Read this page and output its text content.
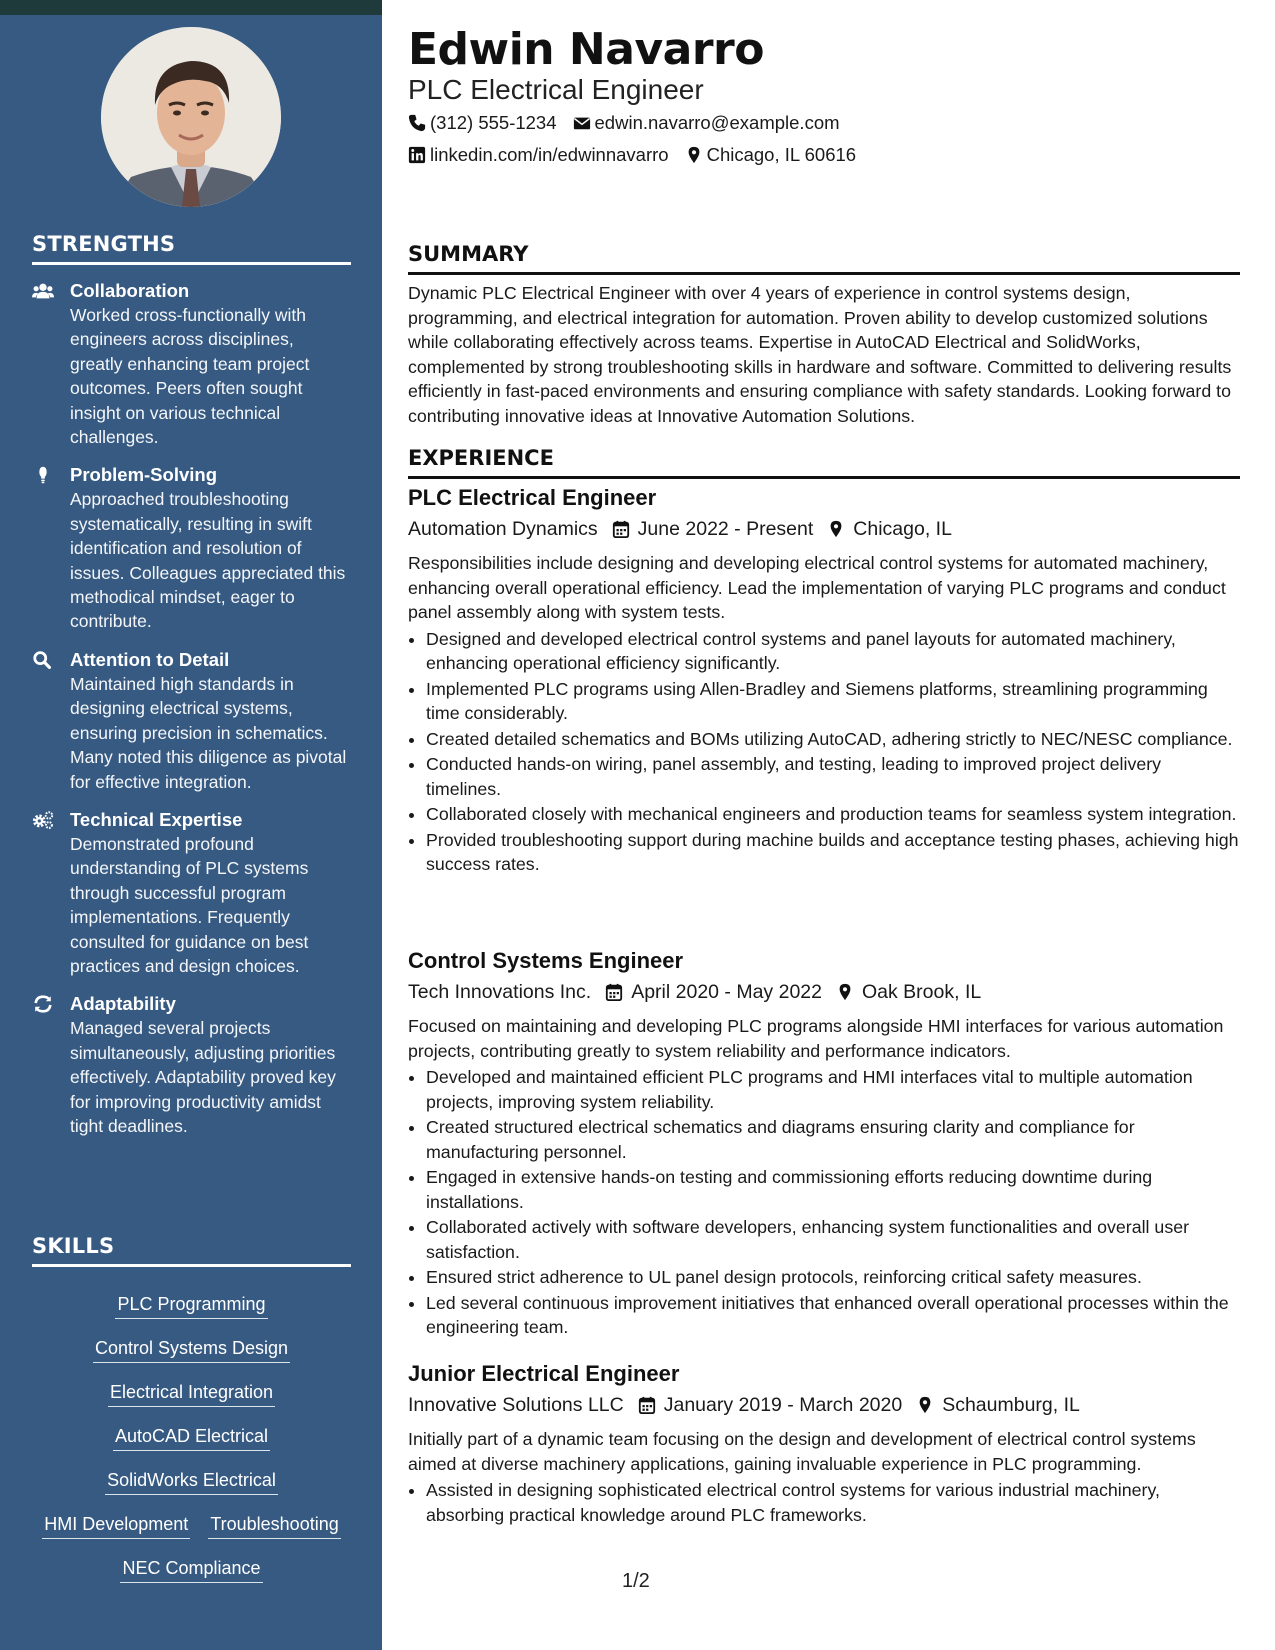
STRENGTHS
Collaboration
Worked cross-functionally with engineers across disciplines, greatly enhancing team project outcomes. Peers often sought insight on various technical challenges.
Problem-Solving
Approached troubleshooting systematically, resulting in swift identification and resolution of issues. Colleagues appreciated this methodical mindset, eager to contribute.
Attention to Detail
Maintained high standards in designing electrical systems, ensuring precision in schematics. Many noted this diligence as pivotal for effective integration.
Technical Expertise
Demonstrated profound understanding of PLC systems through successful program implementations. Frequently consulted for guidance on best practices and design choices.
Adaptability
Managed several projects simultaneously, adjusting priorities effectively. Adaptability proved key for improving productivity amidst tight deadlines.
SKILLS
PLC Programming
Control Systems Design
Electrical Integration
AutoCAD Electrical
SolidWorks Electrical
HMI Development Troubleshooting
NEC Compliance
Edwin Navarro
PLC Electrical Engineer
(312) 555-1234 edwin.navarro@example.com
linkedin.com/in/edwinnavarro Chicago, IL 60616
SUMMARY
Dynamic PLC Electrical Engineer with over 4 years of experience in control systems design, programming, and electrical integration for automation. Proven ability to develop customized solutions while collaborating effectively across teams. Expertise in AutoCAD Electrical and SolidWorks, complemented by strong troubleshooting skills in hardware and software. Committed to delivering results efficiently in fast-paced environments and ensuring compliance with safety standards. Looking forward to contributing innovative ideas at Innovative Automation Solutions.
EXPERIENCE
PLC Electrical Engineer
Automation Dynamics June 2022 - Present Chicago, IL
Responsibilities include designing and developing electrical control systems for automated machinery, enhancing overall operational efficiency. Lead the implementation of varying PLC programs and conduct panel assembly along with system tests.
• Designed and developed electrical control systems and panel layouts for automated machinery, enhancing operational efficiency significantly.
• Implemented PLC programs using Allen-Bradley and Siemens platforms, streamlining programming time considerably.
• Created detailed schematics and BOMs utilizing AutoCAD, adhering strictly to NEC/NESC compliance.
• Conducted hands-on wiring, panel assembly, and testing, leading to improved project delivery timelines.
• Collaborated closely with mechanical engineers and production teams for seamless system integration.
• Provided troubleshooting support during machine builds and acceptance testing phases, achieving high success rates.
Control Systems Engineer
Tech Innovations Inc. April 2020 - May 2022 Oak Brook, IL
Focused on maintaining and developing PLC programs alongside HMI interfaces for various automation projects, contributing greatly to system reliability and performance indicators.
• Developed and maintained efficient PLC programs and HMI interfaces vital to multiple automation projects, improving system reliability.
• Created structured electrical schematics and diagrams ensuring clarity and compliance for manufacturing personnel.
• Engaged in extensive hands-on testing and commissioning efforts reducing downtime during installations.
• Collaborated actively with software developers, enhancing system functionalities and overall user satisfaction.
• Ensured strict adherence to UL panel design protocols, reinforcing critical safety measures.
• Led several continuous improvement initiatives that enhanced overall operational processes within the engineering team.
Junior Electrical Engineer
Innovative Solutions LLC January 2019 - March 2020 Schaumburg, IL
Initially part of a dynamic team focusing on the design and development of electrical control systems aimed at diverse machinery applications, gaining invaluable experience in PLC programming.
• Assisted in designing sophisticated electrical control systems for various industrial machinery, absorbing practical knowledge around PLC frameworks.
1/2
